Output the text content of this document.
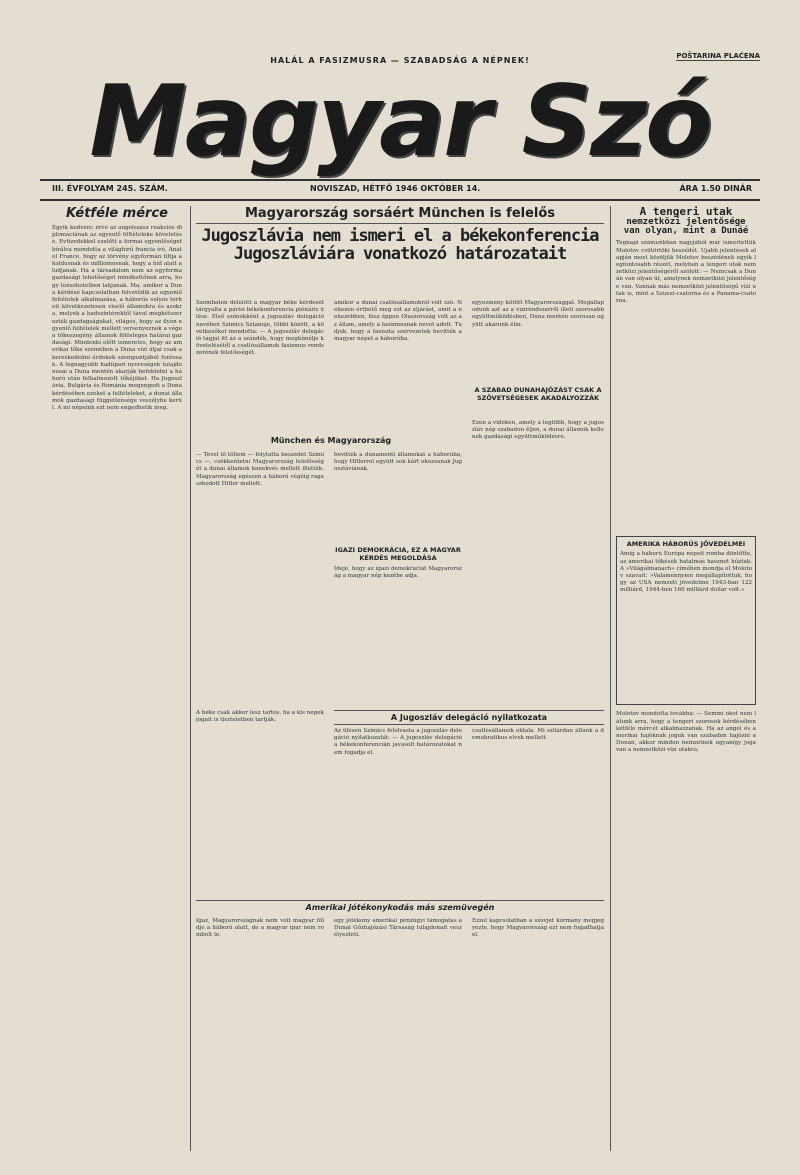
HALÁL A FASIZMUSRA — SZABADSÁG A NÉPNEK!	POŠTARINA PLAĆENA
Magyar Szó
III. ÉVFOLYAM 245. SZÁM.	NOVISZAD, HÉTFŐ 1946 OKTÓBER 14.	ÁRA 1.50 DINÁR
Kétféle mérce
Egyik kedvenc érve az angolszász reakciós diplomáciának az egyenlő föltételeke követelése. Evtizedekkel ezelőtt a formai egyenlőséget bírálva mondotta a világhírű francia író, Anatol France, hogy az törvény egyformán tiltja a koldusnak és milliomosnak, hogy a híd alatt aludjanak. Ha a társadalom nem az egyforma gazdasági lehetőséget mindkettőnek arra, hogy luxushotelben lakjanak. Ma, amikor a Duna kérdésé kapcsolatban felvetődik az egyenlő feltételek alkalmazása, a háborús sulyos terheit következetesen viselő államokra és azokra, melyek a hadszíntérektől távol megkétszerezték gazdagságukat, világos, hogy az ilyen egyenlő feltételek mellett versenyeznek a vége a tőkeszegény államok fölösleges határai gazdasági. Mindenki előtt ismeretes, hogy az amerikai tőke szemében a Duna vízi útjai csak a kereskedelmi érdekek szempontjából fontosak. A legnagyobb hadiipari nyereségek tulajdonosai a Duna mentén akarják befektetni a háború után felhalmozott tőkéjüket. Ha Jugoszlávia, Bulgária és Románia megengedi a Duna kérdésében ezeket a feltételeket, a dunai államok gazdasági függetlensége veszélybe kerül. A mi népeink ezt nem engedhetik meg.
Magyarország sorsáért München is felelős
Jugoszlávia nem ismeri el a békekonferencia
Jugoszláviára vonatkozó határozatait
Szombaton délelőtt a magyar béke kérdését tárgyalta a párisi békekonferencia plénáris ülése. Első szónokként a jugoszláv delegáció nevében Szimics Sztanoje, többi között, a következőket mondotta: — A jugoszláv delegáció tagjai itt az a szándék, hogy megkímélje követelésétől a csatlósállamok fasizmus rendszerének felelősségét.
amikor a dunai csatlósállamokról volt szó. Nehezen érthető meg ezt az eljárást, amit a nehezebben, hisz éppen Olaszország volt az az állam, amely a fasizmusnak nevet adott. Tudjuk, hogy a fasiszta szervezetek bevitték a magyar népet a háborúba.
egyezmény kötött Magyarországgal. Megállapodunk azt az a vizirendszerről illeti szorosabb együttműködésben, Duna mentén szorosan együtt akarunk élni.
A SZABAD DUNAHAJÓZÁST CSAK A SZÖVETSÉGESEK AKADÁLYOZZÁK
München és Magyarország
— Tével ül töllem — folytatta beszédét Szimics —, csökkentetni Magyarország felelősségét a dunai államok kenekvés mellett illették. Magyarország egészen a háború végéig ragaszkodott Hitler mellett.
bevitték a dunamenti államokat a háborúba, hogy Hitlerrel együtt sok kárt okozzanak Jugoszláviának.
IGAZI DEMOKRÁCIA, EZ A MAGYAR KÉRDÉS MEGOLDÁSA
Ideje, hogy az igazi demokráciát Magyarország a magyar nép kezébe adja.
Ezen a vidéken, amely a legtöbb, hogy a jugoszláv nép szabadon éljen, a dunai államok kellenek gazdasági együttműködésre.
A Jugoszláv delegáció nyilatkozata
Az ülésen Szimics felolvasta a jugoszláv delegáció nyilatkozatát: — A jugoszláv delegáció a békekonferencián javasolt határozatokat nem fogadja el.
csatlósállamok oldala. Mi szilárdan állunk a demokratikus elvek mellett.
A béke csak akkor lesz tartós, ha a kis népek jogait is tiszteletben tartják.
Amerikai jótékonykodás más szemüvegén
Igaz, Magyarországnak nem volt magyar földje a háború alatt, de a magyar ipar nem rombolt le.
egy jótékony amerikai pénzügyi támogatás a Dunai Gőzhajózási Társaság tulajdonait veszélyezteti.
Ezzel kapcsolatban a szovjet kormány megjegyezte, hogy Magyarország ezt nem fogadhatja el.
A tengeri utak
nemzetközi jelentősége
van olyan, mint a Dunáé
Tegnapi számunkban nagyjából már ismertettük Molotov csütörtöki beszédét. Ujabb jelentések alapján most közöljük Molotov beszédének egyik legfontosabb részét, melyben a tengeri utak nemzetközi jelentőségéről szólott: — Nemcsak a Dunán van olyan út, amelynek nemzetközi jelentősége van. Vannak más nemzetközi jelentőségű vízi utak is, mint a Szuezi-csatorna és a Panama-csatorna.
AMERIKA HÁBORÚS JÖVEDELMEI
Amig a háború Európa népeit romba döntötte, az amerikai tőkések hatalmas hasznot húztak. A »Világalmanach« címében mondja el Molotov szavait: »Valamennyien megállapítottuk, hogy az USA nemzeti jövedelme 1943-ban 122 milliárd, 1944-ben 160 milliárd dollár volt.«
Molotov mondotta továbbá: — Semmi okot nem látunk arra, hogy a tengeri szorosok kérdésében kétféle mércét alkalmazzanak. Ha az angol és amerikai hajóknak joguk van szabadon hajózni a Dunán, akkor minden nemzetnek ugyanígy joga van a nemzetközi vízi utakra.
